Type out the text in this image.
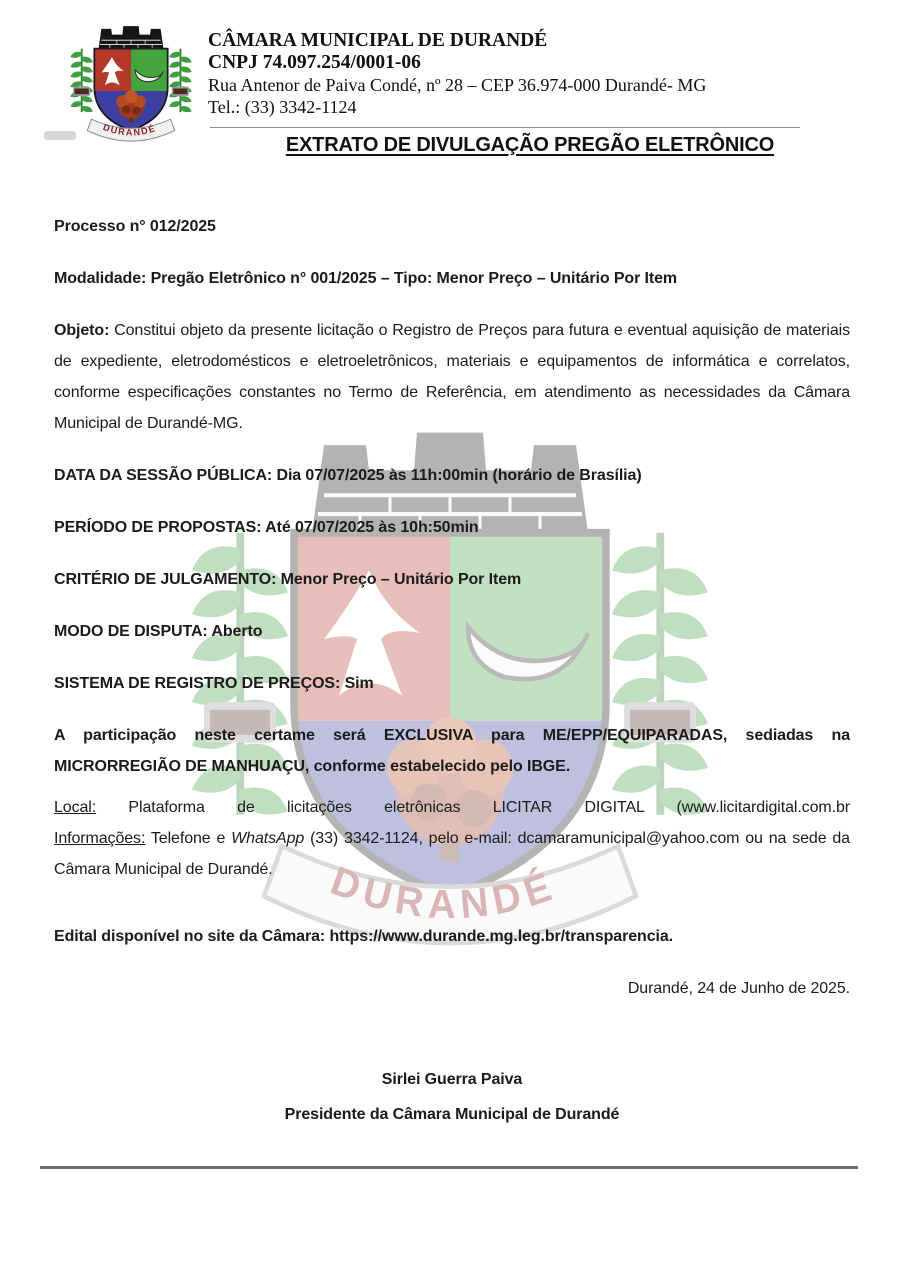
CÂMARA MUNICIPAL DE DURANDÉ

CNPJ 74.097.254/0001-06

Rua Antenor de Paiva Condé, nº 28 – CEP 36.974-000 Durandé- MG

Tel.: (33) 3342-1124

EXTRATO DE DIVULGAÇÃO PREGÃO ELETRÔNICO

Processo n° 012/2025

Modalidade: Pregão Eletrônico n° 001/2025 – Tipo: Menor Preço – Unitário Por Item

Objeto: Constitui objeto da presente licitação o Registro de Preços para futura e eventual aquisição de materiais de expediente, eletrodomésticos e eletroeletrônicos, materiais e equipamentos de informática e correlatos, conforme especificações constantes no Termo de Referência, em atendimento as necessidades da Câmara Municipal de Durandé-MG.

DATA DA SESSÃO PÚBLICA: Dia 07/07/2025 às 11h:00min (horário de Brasília)

PERÍODO DE PROPOSTAS: Até 07/07/2025 às 10h:50min

CRITÉRIO DE JULGAMENTO: Menor Preço – Unitário Por Item

MODO DE DISPUTA: Aberto

SISTEMA DE REGISTRO DE PREÇOS: Sim

A participação neste certame será EXCLUSIVA para ME/EPP/EQUIPARADAS, sediadas na MICRORREGIÃO DE MANHUAÇU, conforme estabelecido pelo IBGE.

Local: Plataforma de licitações eletrônicas LICITAR DIGITAL (www.licitardigital.com.br

Informações: Telefone e WhatsApp (33) 3342-1124, pelo e-mail: dcamaramunicipal@yahoo.com ou na sede da Câmara Municipal de Durandé.

Edital disponível no site da Câmara: https://www.durande.mg.leg.br/transparencia.

Durandé, 24 de Junho de 2025.

Sirlei Guerra Paiva

Presidente da Câmara Municipal de Durandé
